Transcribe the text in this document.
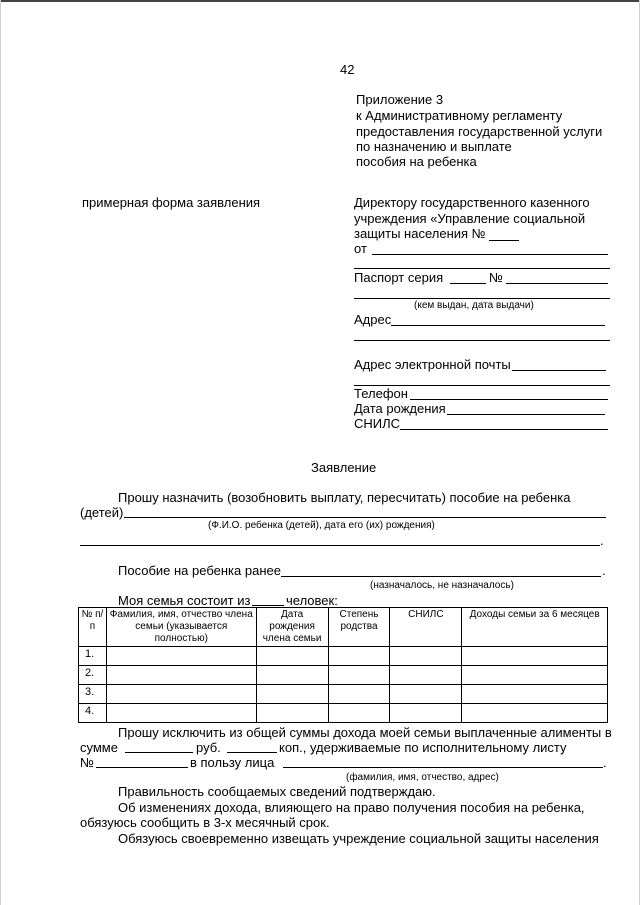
42
Приложение 3
к Административному регламенту
предоставления государственной услуги
по назначению и выплате
пособия на ребенка
примерная форма заявления	Директору государственного казенного
учреждения «Управление социальной
защиты населения №
от
Паспорт серия	№
(кем выдан, дата выдачи)
Адрес
Адрес электронной почты
Телефон
Дата рождения
СНИЛС
Заявление
Прошу назначить (возобновить выплату, пересчитать) пособие на ребенка
(детей)
(Ф.И.О. ребенка (детей), дата его (их) рождения)
.
Пособие на ребенка ранее	.
(назначалось, не назначалось)
Моя семья состоит из	человек:
№ п/п	Фамилия, имя, отчество члена семьи (указывается полностью)	Дата рождения члена семьи	Степень родства	СНИЛС	Доходы семьи за 6 месяцев
1.					
2.					
3.					
4.					
Прошу исключить из общей суммы дохода моей семьи выплаченные алименты в
сумме	руб.	коп., удерживаемые по исполнительному листу
№	в пользу лица	.
(фамилия, имя, отчество, адрес)
Правильность сообщаемых сведений подтверждаю.
Об изменениях дохода, влияющего на право получения пособия на ребенка,
обязуюсь сообщить в 3-х месячный срок.
Обязуюсь своевременно извещать учреждение социальной защиты населения
